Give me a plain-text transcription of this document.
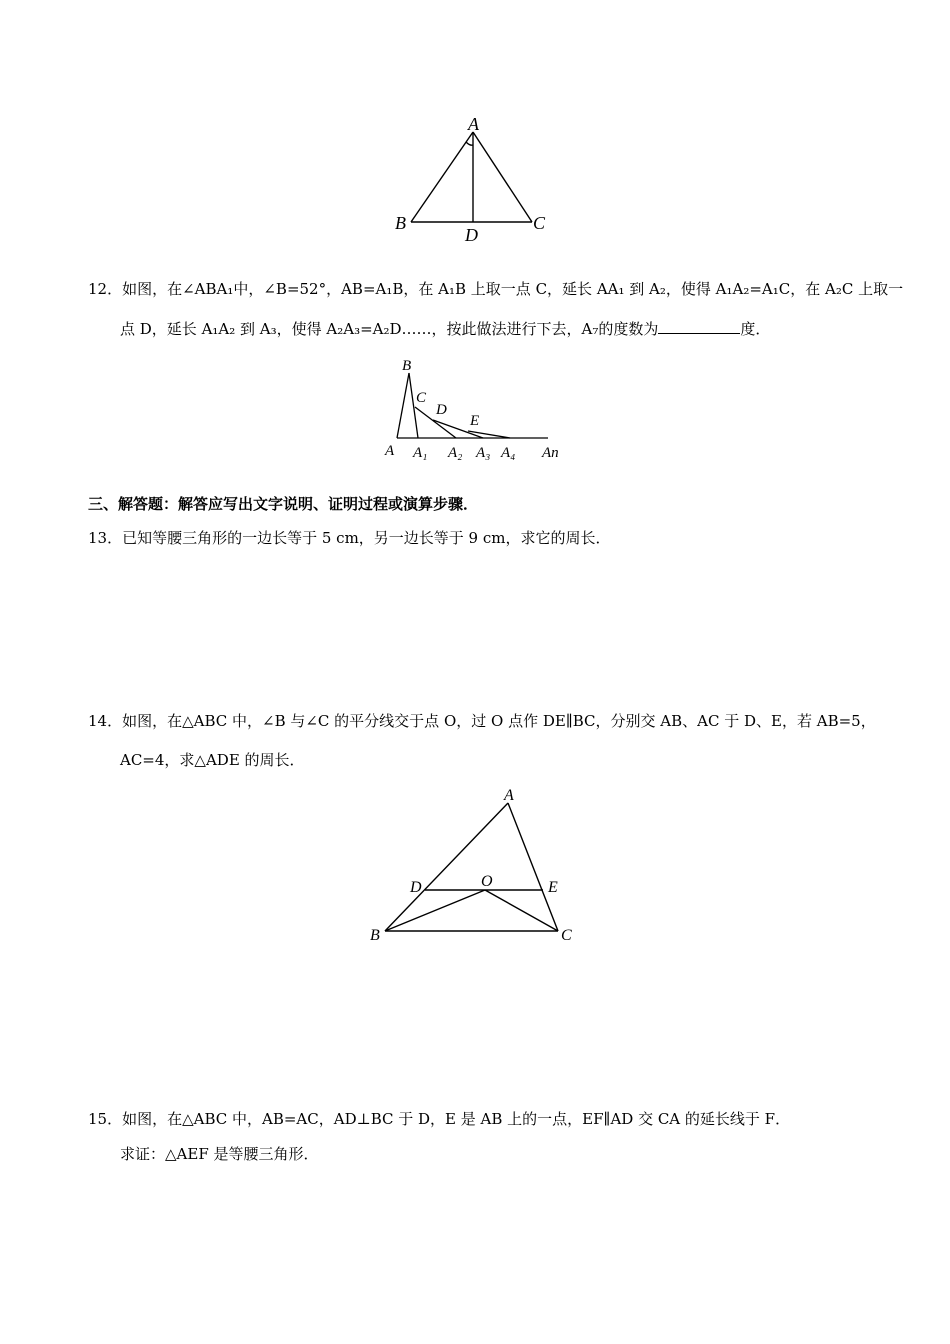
A
B	C
D
12．如图，在∠ABA₁中，∠B=52°，AB=A₁B，在 A₁B 上取一点 C，延长 AA₁ 到 A₂，使得 A₁A₂=A₁C，在 A₂C 上取一
点 D，延长 A₁A₂ 到 A₃，使得 A₂A₃=A₂D……，按此做法进行下去，A₇的度数为	度．
B
C
D
E
A A₁ A₂ A₃ A₄ An
三、解答题：解答应写出文字说明、证明过程或演算步骤．
13．已知等腰三角形的一边长等于 5 cm，另一边长等于 9 cm，求它的周长．
14．如图，在△ABC 中，∠B 与∠C 的平分线交于点 O，过 O 点作 DE∥BC，分别交 AB、AC 于 D、E，若 AB=5，
AC=4，求△ADE 的周长．
A
D	O	E
B	C
15．如图，在△ABC 中，AB=AC，AD⊥BC 于 D，E 是 AB 上的一点，EF∥AD 交 CA 的延长线于 F．
求证：△AEF 是等腰三角形．
